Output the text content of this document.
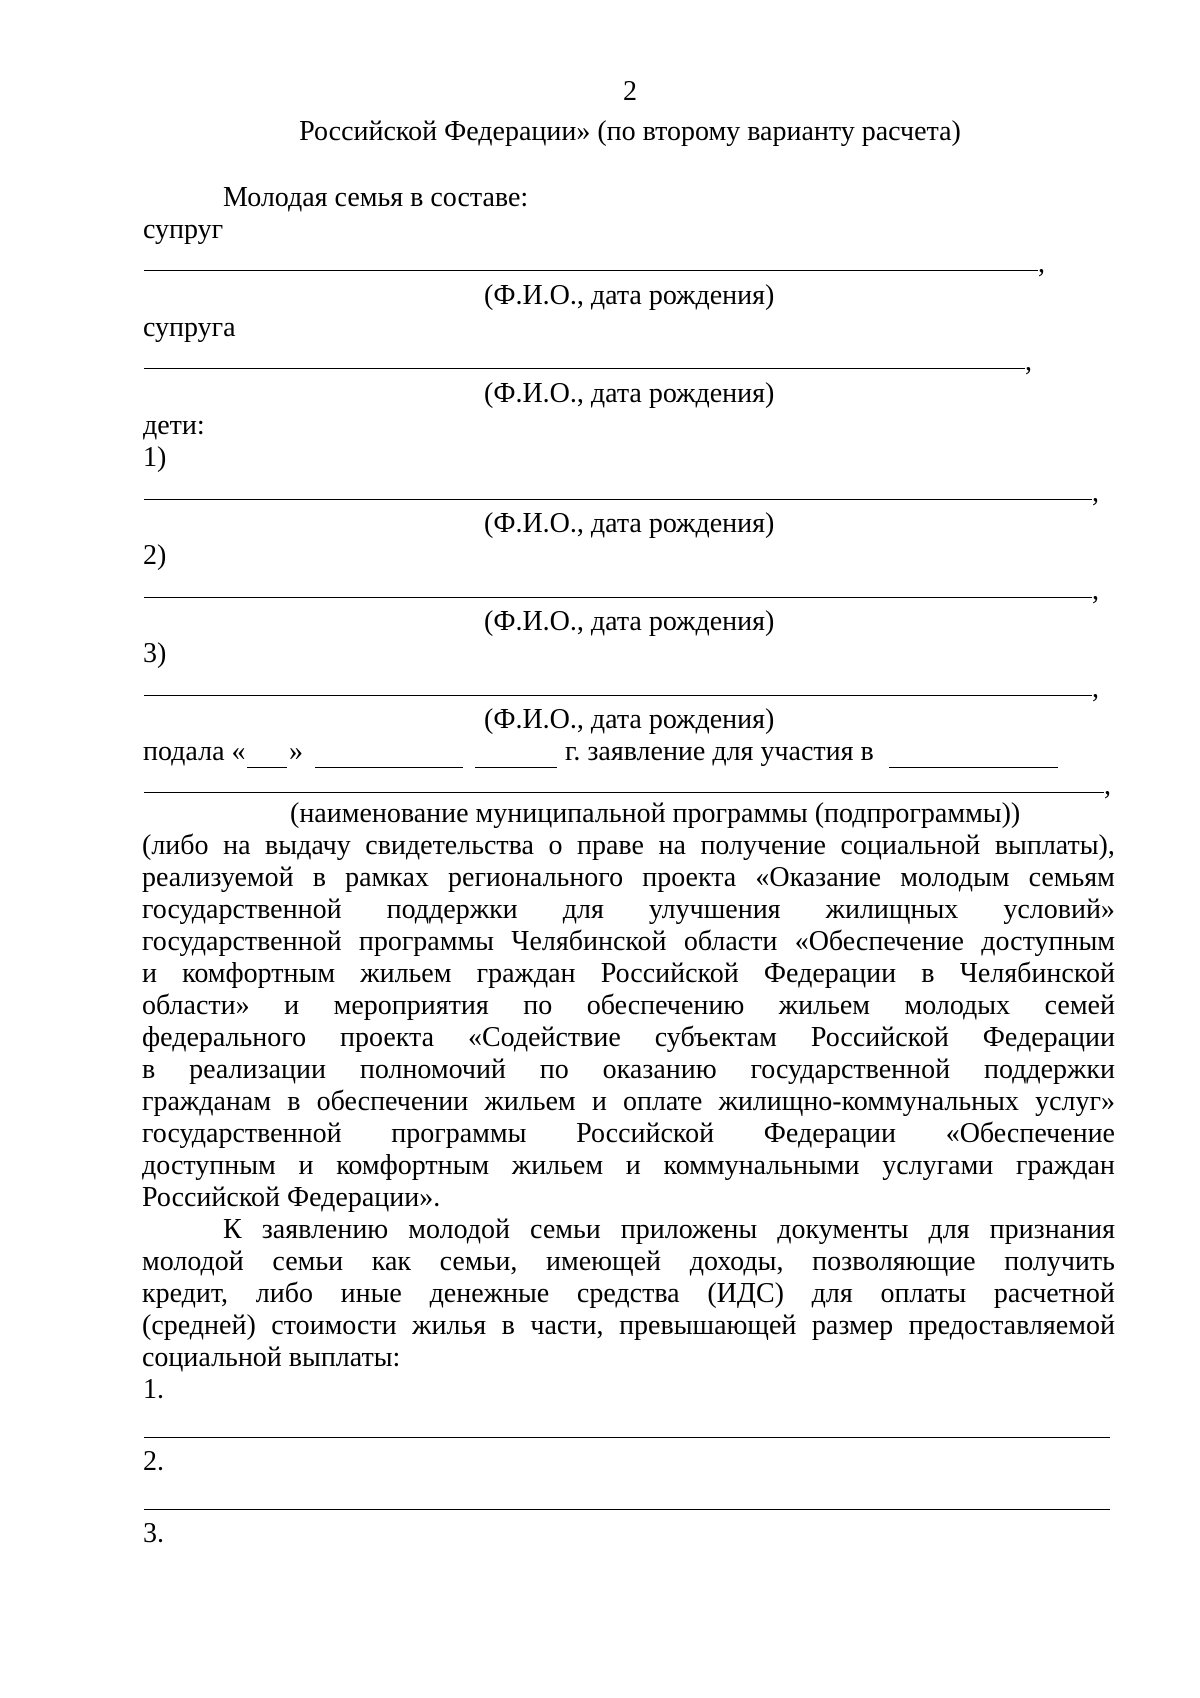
2
Российской Федерации» (по второму варианту расчета)
Молодая семья в составе:
супруг
,
(Ф.И.О., дата рождения)
супруга
,
(Ф.И.О., дата рождения)
дети:
1)
,
(Ф.И.О., дата рождения)
2)
,
(Ф.И.О., дата рождения)
3)
,
(Ф.И.О., дата рождения)
подала « »	г. заявление для участия в
,
(наименование муниципальной программы (подпрограммы))
(либо на выдачу свидетельства о праве на получение социальной выплаты),
реализуемой в рамках регионального проекта «Оказание молодым семьям
государственной поддержки для улучшения жилищных условий»
государственной программы Челябинской области «Обеспечение доступным
и комфортным жильем граждан Российской Федерации в Челябинской
области» и мероприятия по обеспечению жильем молодых семей
федерального проекта «Содействие субъектам Российской Федерации
в реализации полномочий по оказанию государственной поддержки
гражданам в обеспечении жильем и оплате жилищно-коммунальных услуг»
государственной программы Российской Федерации «Обеспечение
доступным и комфортным жильем и коммунальными услугами граждан
Российской Федерации».
К заявлению молодой семьи приложены документы для признания
молодой семьи как семьи, имеющей доходы, позволяющие получить
кредит, либо иные денежные средства (ИДС) для оплаты расчетной
(средней) стоимости жилья в части, превышающей размер предоставляемой
социальной выплаты:
1.
2.
3.
